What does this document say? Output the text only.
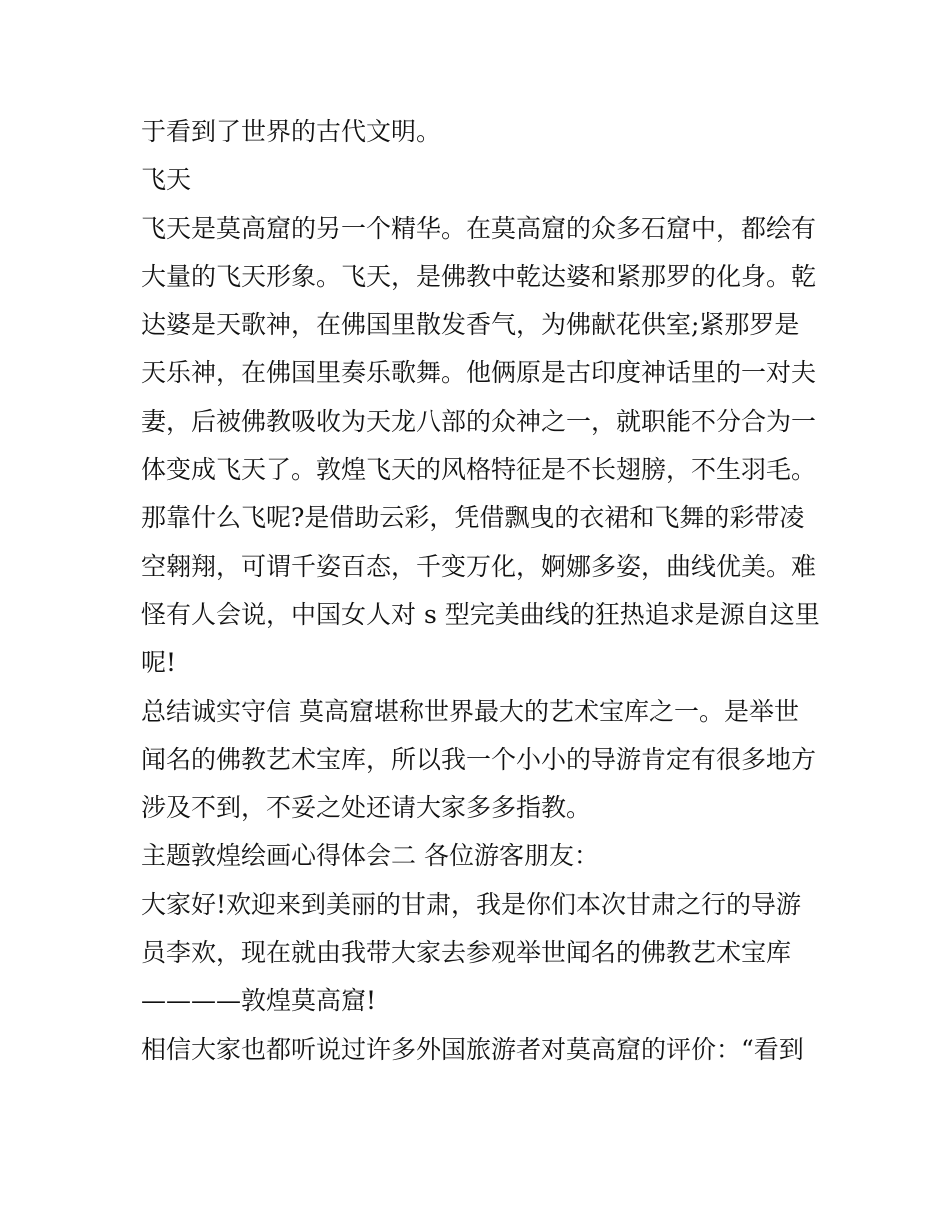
于看到了世界的古代文明。
飞天
飞天是莫高窟的另一个精华。在莫高窟的众多石窟中，都绘有
大量的飞天形象。飞天，是佛教中乾达婆和紧那罗的化身。乾
达婆是天歌神，在佛国里散发香气，为佛献花供室;紧那罗是
天乐神，在佛国里奏乐歌舞。他俩原是古印度神话里的一对夫
妻，后被佛教吸收为天龙八部的众神之一，就职能不分合为一
体变成飞天了。敦煌飞天的风格特征是不长翅膀，不生羽毛。
那靠什么飞呢?是借助云彩，凭借飘曳的衣裙和飞舞的彩带凌
空翱翔，可谓千姿百态，千变万化，婀娜多姿，曲线优美。难
怪有人会说，中国女人对 s 型完美曲线的狂热追求是源自这里
呢!
总结诚实守信 莫高窟堪称世界最大的艺术宝库之一。是举世
闻名的佛教艺术宝库，所以我一个小小的导游肯定有很多地方
涉及不到，不妥之处还请大家多多指教。
主题敦煌绘画心得体会二 各位游客朋友：
大家好!欢迎来到美丽的甘肃，我是你们本次甘肃之行的导游
员李欢，现在就由我带大家去参观举世闻名的佛教艺术宝库
————敦煌莫高窟!
相信大家也都听说过许多外国旅游者对莫高窟的评价：“看到
